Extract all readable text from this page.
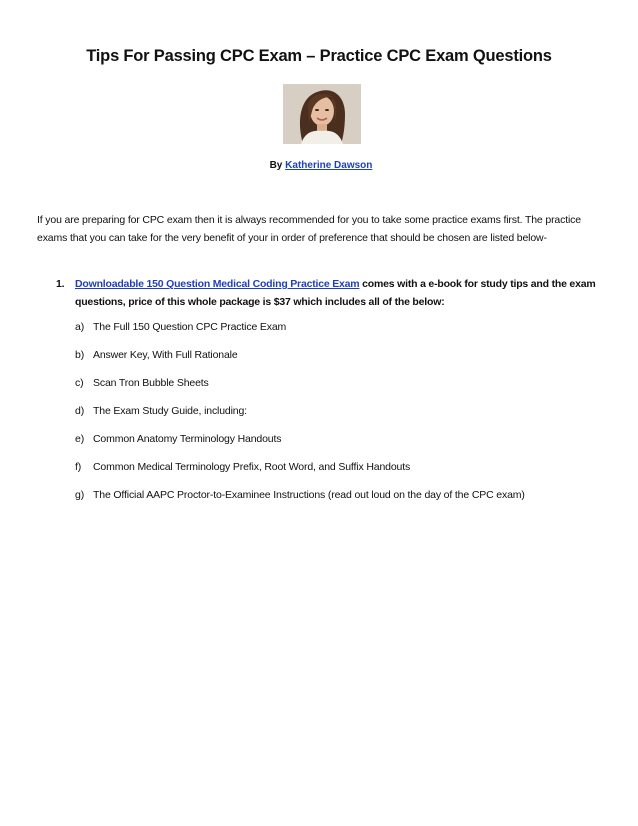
Tips For Passing CPC Exam – Practice CPC Exam Questions
By Katherine Dawson
If you are preparing for CPC exam then it is always recommended for you to take some practice exams first. The practice exams that you can take for the very benefit of your in order of preference that should be chosen are listed below-
1. Downloadable 150 Question Medical Coding Practice Exam comes with a e-book for study tips and the exam questions, price of this whole package is $37 which includes all of the below:
a) The Full 150 Question CPC Practice Exam
b) Answer Key, With Full Rationale
c) Scan Tron Bubble Sheets
d) The Exam Study Guide, including:
e) Common Anatomy Terminology Handouts
f) Common Medical Terminology Prefix, Root Word, and Suffix Handouts
g) The Official AAPC Proctor-to-Examinee Instructions (read out loud on the day of the CPC exam)
